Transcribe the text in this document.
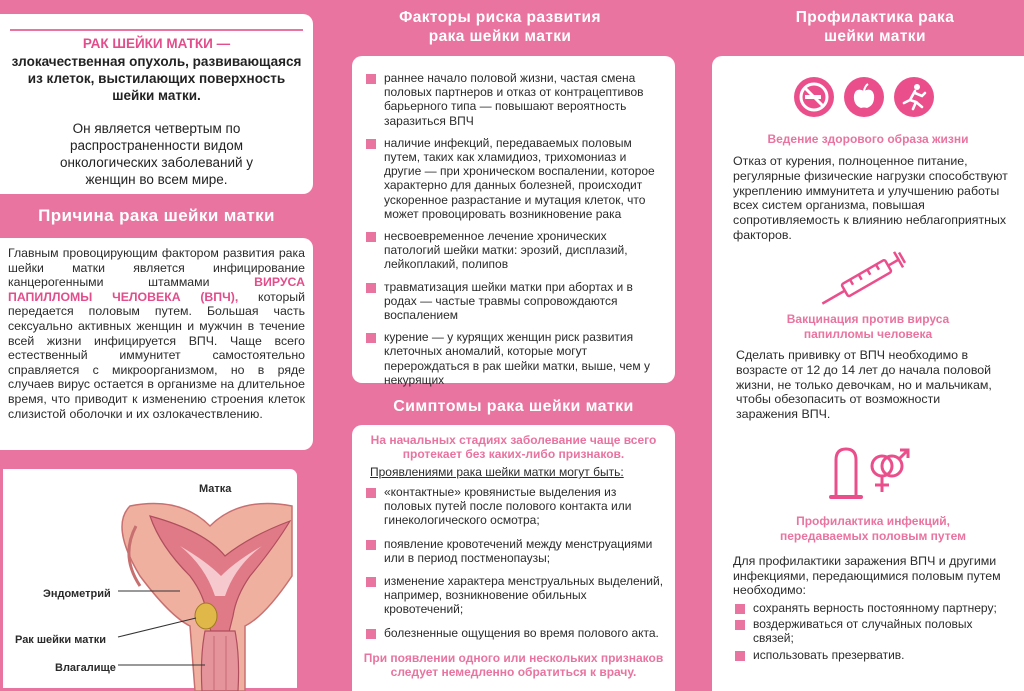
РАК ШЕЙКИ МАТКИ —
злокачественная опухоль, развивающаяся из клеток, выстилающих поверхность шейки матки.
Он является четвертым по распространенности видом онкологических заболеваний у женщин во всем мире.
Причина рака шейки матки
Главным провоцирующим фактором развития рака шейки матки является инфицирование канцерогенными штаммами	ВИРУСА ПАПИЛЛОМЫ ЧЕЛОВЕКА (ВПЧ), который передается половым путем. Большая часть сексуально активных женщин и мужчин в течение всей жизни инфицируется ВПЧ. Чаще всего естественный иммунитет самостоятельно справляется с микроорганизмом, но в ряде случаев вирус остается в организме на длительное время, что приводит к изменению строения клеток слизистой оболочки и их озлокачествлению.
Матка
Эндометрий
Рак шейки матки
Влагалище
Факторы риска развития рака шейки матки
раннее начало половой жизни, частая смена половых партнеров и отказ от контрацептивов барьерного типа — повышают вероятность заразиться ВПЧ
наличие инфекций, передаваемых половым путем, таких как хламидиоз, трихомониаз и другие — при хроническом воспалении, которое характерно для данных болезней, происходит ускоренное разрастание и мутация клеток, что может провоцировать возникновение рака
несвоевременное лечение хронических патологий шейки матки: эрозий, дисплазий, лейкоплакий, полипов
травматизация шейки матки при абортах и в родах — частые травмы сопровождаются воспалением
курение — у курящих женщин риск развития клеточных аномалий, которые могут перерождаться в рак шейки матки, выше, чем у некурящих
Симптомы рака шейки матки
На начальных стадиях заболевание чаще всего протекает без каких-либо признаков.
Проявлениями рака шейки матки могут быть:
«контактные» кровянистые выделения из половых путей после полового контакта или гинекологического осмотра;
появление кровотечений между менструациями или в период постменопаузы;
изменение характера менструальных выделений, например, возникновение обильных кровотечений;
болезненные ощущения во время полового акта.
При появлении одного или нескольких признаков следует немедленно обратиться к врачу.
Профилактика рака шейки матки
Ведение здорового образа жизни
Отказ от курения, полноценное питание, регулярные физические нагрузки способствуют укреплению иммунитета и улучшению работы всех систем организма, повышая сопротивляемость к влиянию неблагоприятных факторов.
Вакцинация против вируса папилломы человека
Сделать прививку от ВПЧ необходимо в возрасте от 12 до 14 лет до начала половой жизни, не только девочкам, но и мальчикам, чтобы обезопасить от возможности заражения ВПЧ.
Профилактика инфекций, передаваемых половым путем
Для профилактики заражения ВПЧ и другими инфекциями, передающимися половым путем необходимо:
сохранять верность постоянному партнеру;
воздерживаться от случайных половых связей;
использовать презерватив.
